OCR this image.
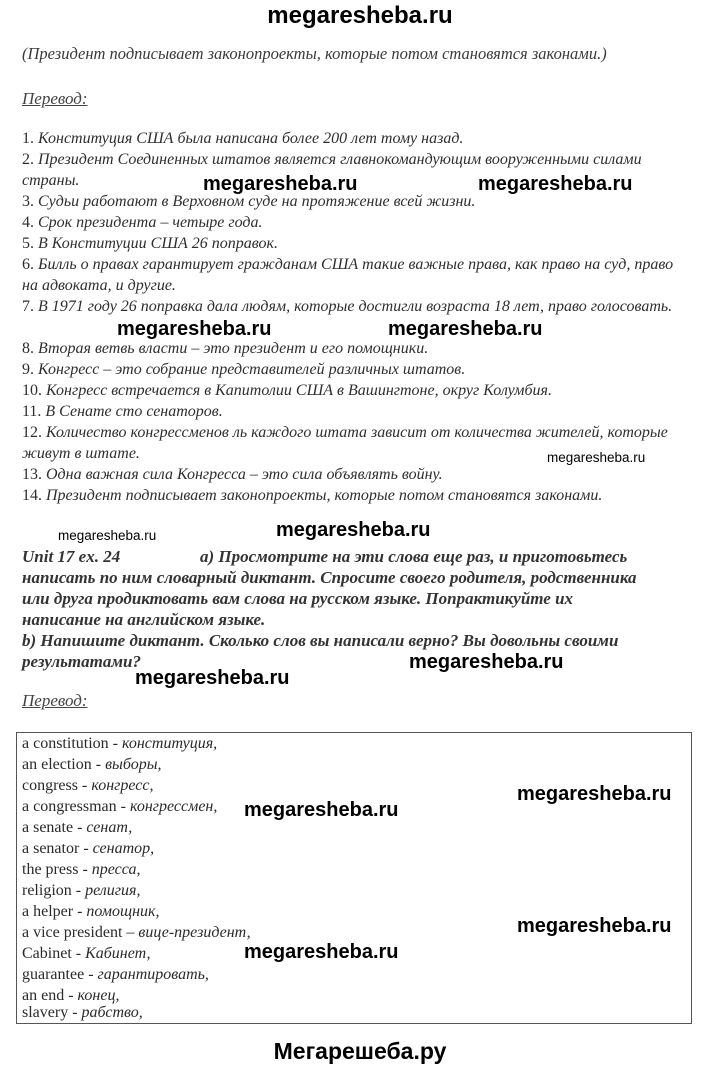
megaresheba.ru
(Президент подписывает законопроекты, которые потом становятся законами.)
Перевод:
1. Конституция США была написана более 200 лет тому назад.
2. Президент Соединенных штатов является главнокомандующим вооруженными силами страны.
3. Судьи работают в Верховном суде на протяжение всей жизни.
4. Срок президента – четыре года.
5. В Конституции США 26 поправок.
6. Билль о правах гарантирует гражданам США такие важные права, как право на суд, право на адвоката, и другие.
7. В 1971 году 26 поправка дала людям, которые достигли возраста 18 лет, право голосовать.
8. Вторая ветвь власти – это президент и его помощники.
9. Конгресс – это собрание представителей различных штатов.
10. Конгресс встречается в Капитолии США в Вашингтоне, округ Колумбия.
11. В Сенате сто сенаторов.
12. Количество конгрессменов ль каждого штата зависит от количества жителей, которые живут в штате.
13. Одна важная сила Конгресса – это сила объявлять войну.
14. Президент подписывает законопроекты, которые потом становятся законами.
Unit 17 ex. 24	a) Просмотрите на эти слова еще раз, и приготовьтесь
написать по ним словарный диктант. Спросите своего родителя, родственника
или друга продиктовать вам слова на русском языке. Попрактикуйте их
написание на английском языке.
b) Напишите диктант. Сколько слов вы написали верно? Вы довольны своими
результатами?
Перевод:
a constitution - конституция,
an election - выборы,
congress - конгресс,
a congressman - конгрессмен,
a senate - сенат,
a senator - сенатор,
the press - пресса,
religion - религия,
a helper - помощник,
a vice president – вице-президент,
Cabinet - Кабинет,
guarantee - гарантировать,
an end - конец,
slavery - рабство,
megaresheba.ru	megaresheba.ru
megaresheba.ru	megaresheba.ru
megaresheba.ru
megaresheba.ru	megaresheba.ru
megaresheba.ru
megaresheba.ru
megaresheba.ru
megaresheba.ru
megaresheba.ru
megaresheba.ru
Мегарешеба.ру
